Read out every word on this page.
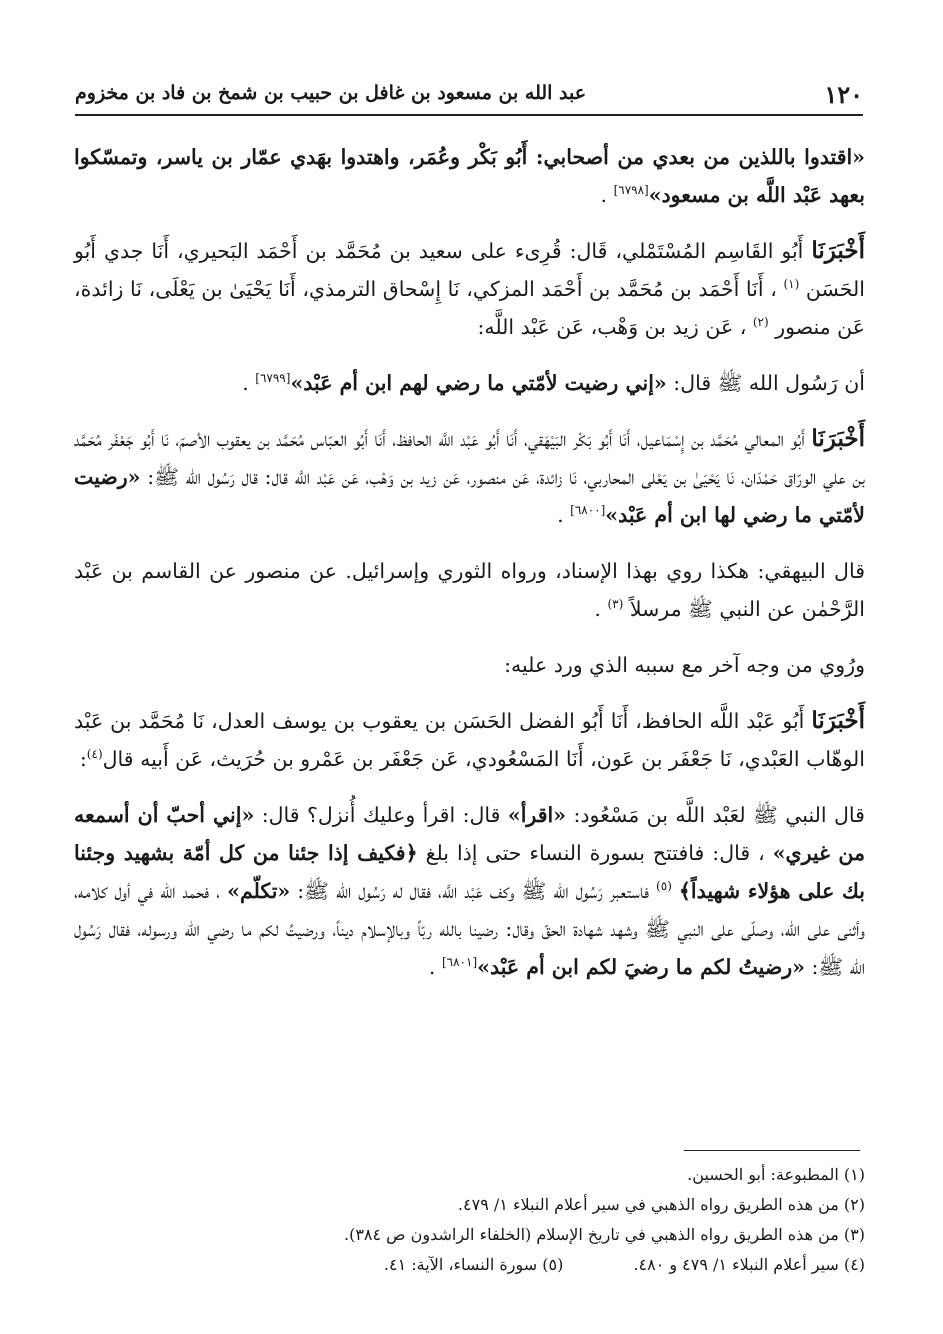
١٢٠
عبد الله بن مسعود بن غافل بن حبيب بن شمخ بن فاد بن مخزوم

«اقتدوا باللذين من بعدي من أصحابي: أَبُو بَكْر وعُمَر، واهتدوا بهَدي عمّار بن ياسر، وتمسّكوا بعهد عَبْد اللَّه بن مسعود»[٦٧٩٨] .

أَخْبَرَنَا أَبُو القَاسِم المُسْتَمْلي، قَال: قُرِىء على سعيد بن مُحَمَّد بن أَحْمَد البَحيري، أَنَا جدي أَبُو الحَسَن $^{(١)}$ ، أَنَا أَحْمَد بن مُحَمَّد بن أَحْمَد المزكي، نَا إِسْحاق الترمذي، أَنَا يَحْيَىٰ بن يَعْلَى، نَا زائدة، عَن منصور $^{(٢)}$ ، عَن زيد بن وَهْب، عَن عَبْد اللَّه:

أن رَسُول الله ﷺ قال: «إني رضيت لأمّتي ما رضي لهم ابن أم عَبْد»[٦٧٩٩] .

أَخْبَرَنَا أَبُو المعالي مُحَمَّد بن إِسْمَاعيل، أَنَا أَبُو بَكْر البَيْهَقي، أَنَا أَبُو عَبْد اللَّه الحافظ، أَنَا أَبُو العبّاس مُحَمَّد بن يعقوب الأصمّ، نَا أَبُو جَعْفَر مُحَمَّد بن علي الورّاق حَمْدَان، نَا يَحْيَىٰ بن يَعْلى المحاربي، نَا زائدة، عَن منصور، عَن زيد بن وَهْب، عَن عَبْد اللَّه قال: قال رَسُول الله ﷺ: «رضيت لأمّتي ما رضي لها ابن أم عَبْد»[٦٨٠٠] .

قال البيهقي: هكذا روي بهذا الإسناد، ورواه الثوري وإسرائيل. عن منصور عن القاسم بن عَبْد الرَّحْمٰن عن النبي ﷺ مرسلاً $^{(٣)}$ .

ورُوي من وجه آخر مع سببه الذي ورد عليه:

أَخْبَرَنَا أَبُو عَبْد اللَّه الحافظ، أَنَا أَبُو الفضل الحَسَن بن يعقوب بن يوسف العدل، نَا مُحَمَّد بن عَبْد الوهّاب العَبْدي، نَا جَعْفَر بن عَون، أَنَا المَسْعُودي، عَن جَعْفَر بن عَمْرو بن حُرَيث، عَن أَبيه قال$^{(٤)}$:

قال النبي ﷺ لعَبْد اللَّه بن مَسْعُود: «اقرأ» قال: اقرأ وعليك أُنزل؟ قال: «إني أحبّ أن أسمعه من غيري» ، قال: فافتتح بسورة النساء حتى إذا بلغ ﴿فكيف إذا جئنا من كل أمّة بشهيد وجئنا بك على هؤلاء شهيداً﴾ $^{(٥)}$ فاستعبر رَسُول الله ﷺ وكف عَبْد اللَّه، فقال له رَسُول الله ﷺ: «تكلّم» ، فحمد الله في أول كلامه، وأثنى على الله، وصلّى على النبي ﷺ وشهد شهادة الحقّ وقال: رضينا بالله ربّاً وبالإسلام ديناً، ورضيتُ لكم ما رضي الله ورسوله، فقال رَسُول الله ﷺ: «رضيتُ لكم ما رضيَ لكم ابن أم عَبْد»[٦٨٠١] .

(١) المطبوعة: أبو الحسين.
(٢) من هذه الطريق رواه الذهبي في سير أعلام النبلاء ١/ ٤٧٩.
(٣) من هذه الطريق رواه الذهبي في تاريخ الإسلام (الخلفاء الراشدون ص ٣٨٤).
(٤) سير أعلام النبلاء ١/ ٤٧٩ و ٤٨٠.(٥) سورة النساء، الآية: ٤١.
